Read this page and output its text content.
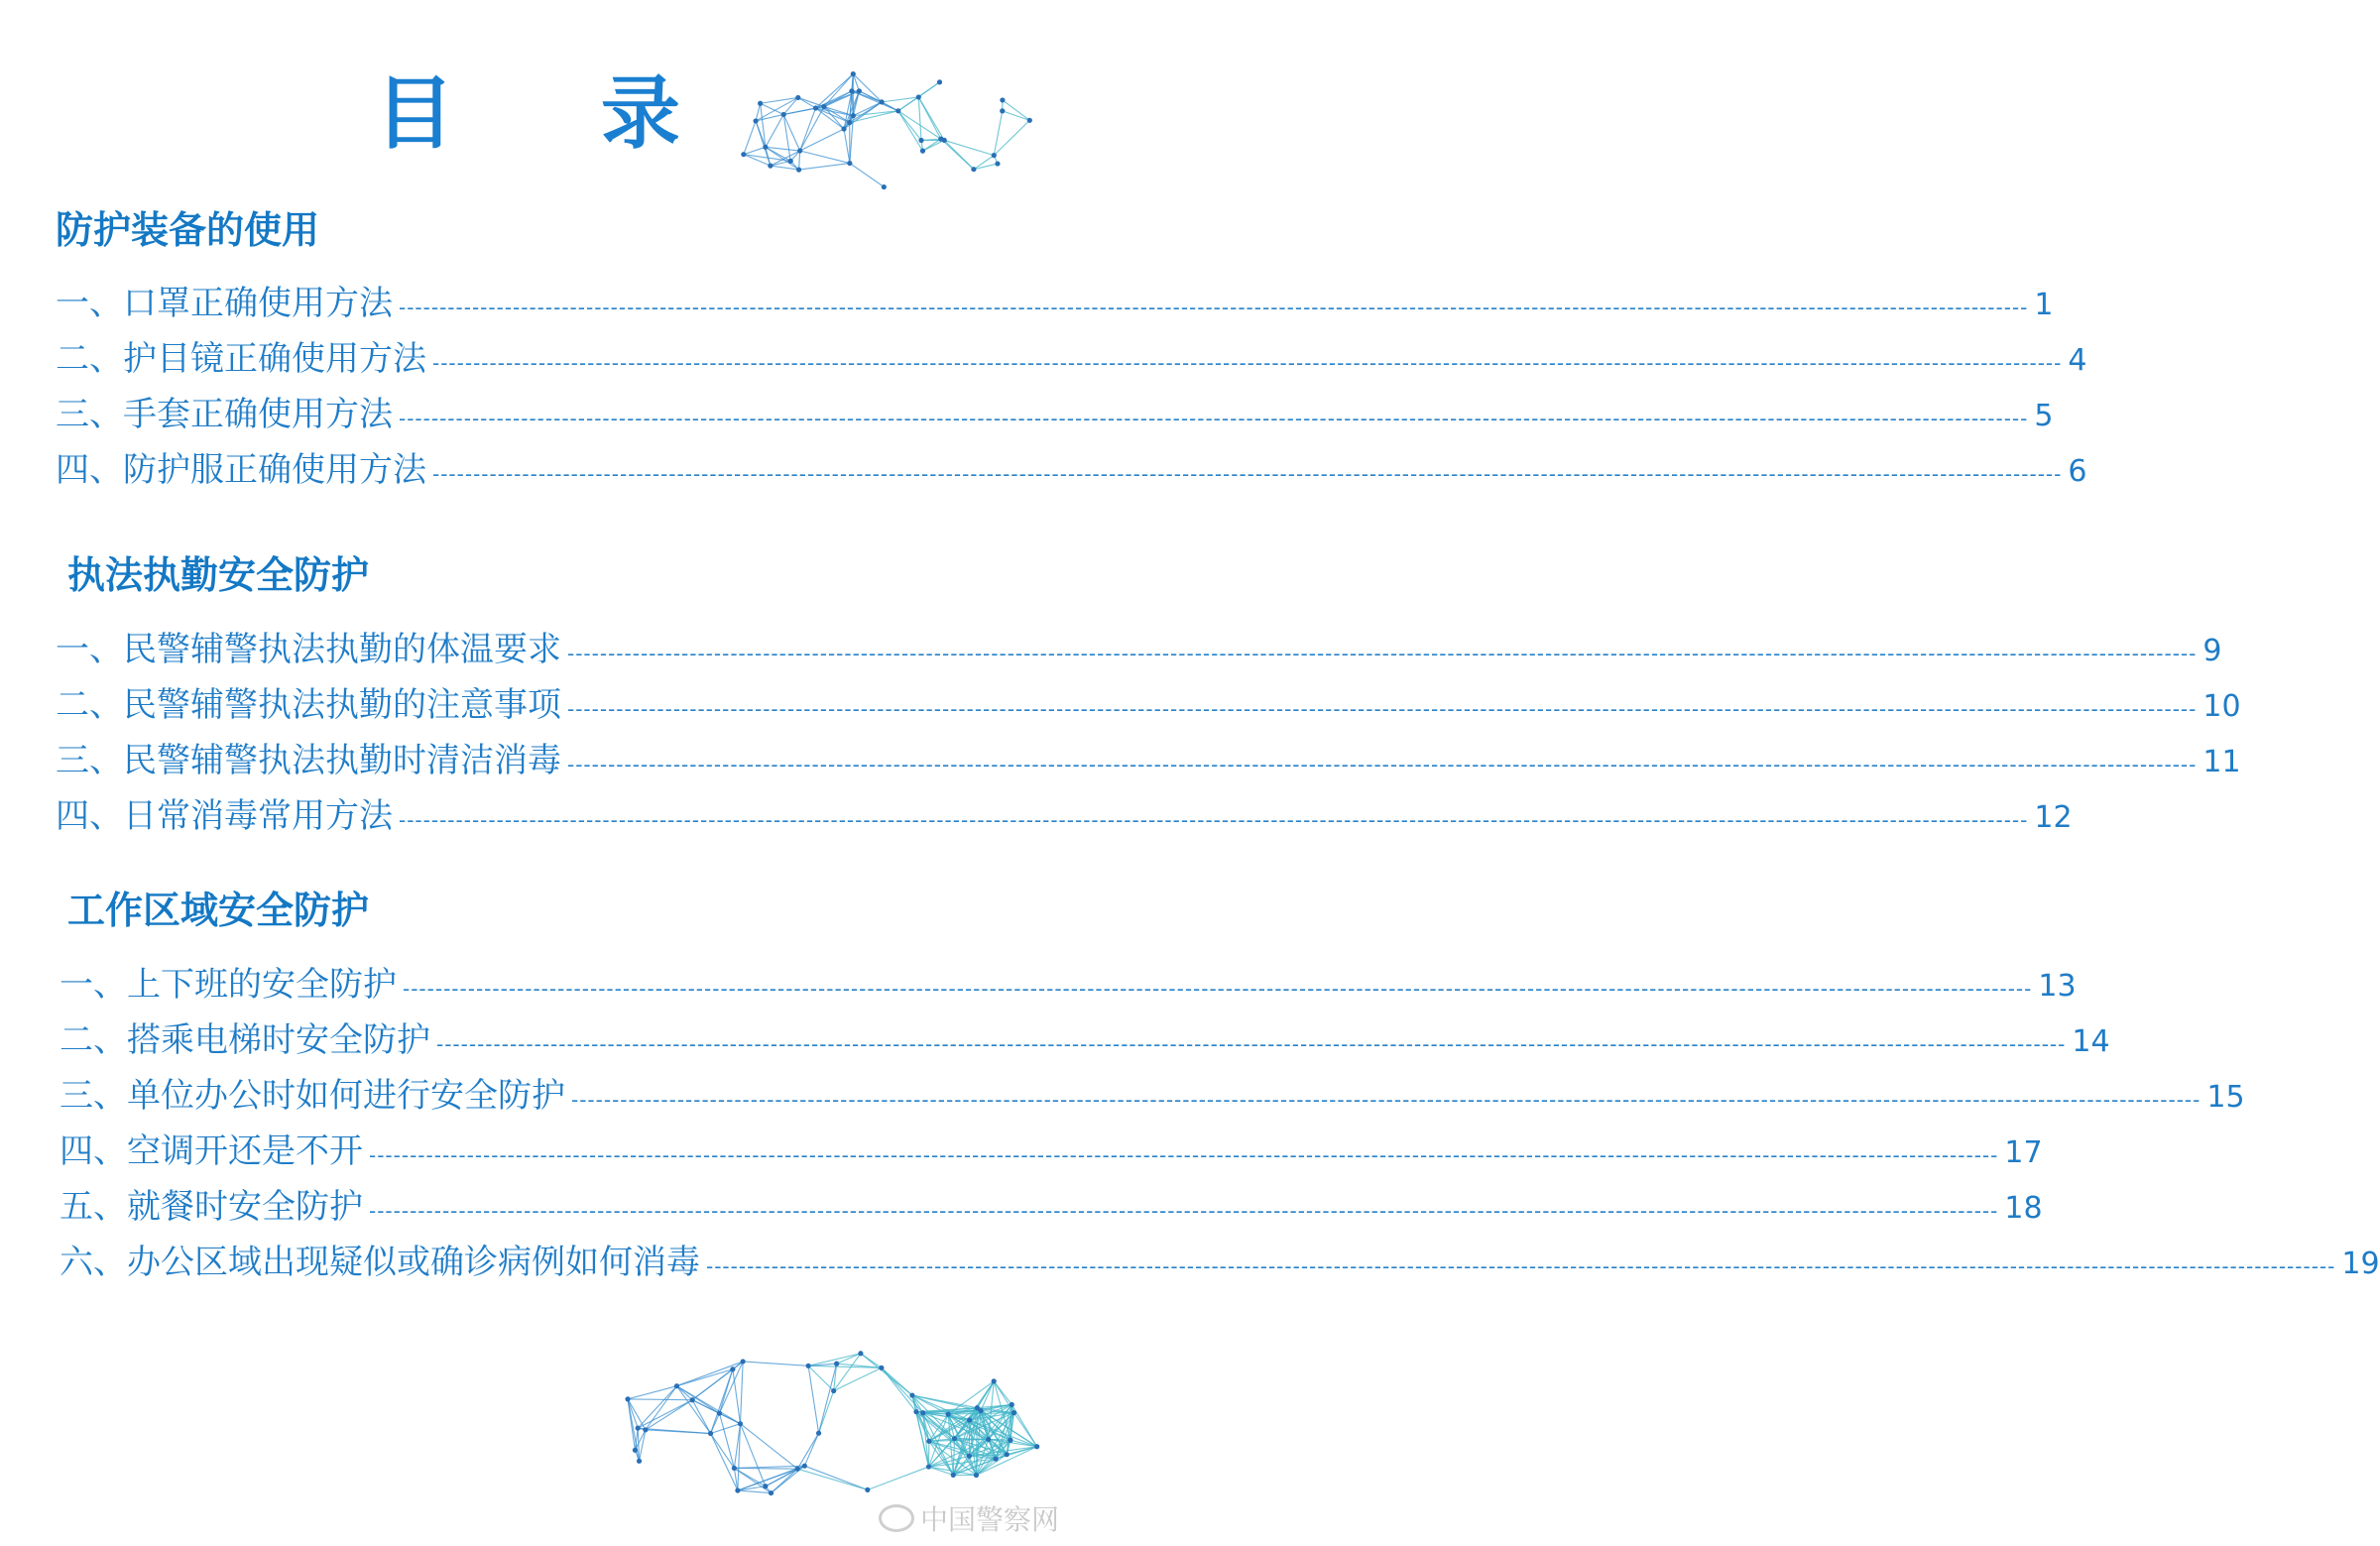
目 录
防护装备的使用
一、口罩正确使用方法 -------------------------------------------------------------------------------------------------------------------------------------------------------------------------------------------------------- 1
二、护目镜正确使用方法 -------------------------------------------------------------------------------------------------------------------------------------------------------------------------------------------------------- 4
三、手套正确使用方法 -------------------------------------------------------------------------------------------------------------------------------------------------------------------------------------------------------- 5
四、防护服正确使用方法 -------------------------------------------------------------------------------------------------------------------------------------------------------------------------------------------------------- 6
执法执勤安全防护
一、民警辅警执法执勤的体温要求 -------------------------------------------------------------------------------------------------------------------------------------------------------------------------------------------------------- 9
二、民警辅警执法执勤的注意事项 -------------------------------------------------------------------------------------------------------------------------------------------------------------------------------------------------------- 10
三、民警辅警执法执勤时清洁消毒 -------------------------------------------------------------------------------------------------------------------------------------------------------------------------------------------------------- 11
四、日常消毒常用方法 -------------------------------------------------------------------------------------------------------------------------------------------------------------------------------------------------------- 12
工作区域安全防护
一、上下班的安全防护 -------------------------------------------------------------------------------------------------------------------------------------------------------------------------------------------------------- 13
二、搭乘电梯时安全防护 -------------------------------------------------------------------------------------------------------------------------------------------------------------------------------------------------------- 14
三、单位办公时如何进行安全防护 -------------------------------------------------------------------------------------------------------------------------------------------------------------------------------------------------------- 15
四、空调开还是不开 -------------------------------------------------------------------------------------------------------------------------------------------------------------------------------------------------------- 17
五、就餐时安全防护 -------------------------------------------------------------------------------------------------------------------------------------------------------------------------------------------------------- 18
六、办公区域出现疑似或确诊病例如何消毒 -------------------------------------------------------------------------------------------------------------------------------------------------------------------------------------------------------- 19
中国警察网
